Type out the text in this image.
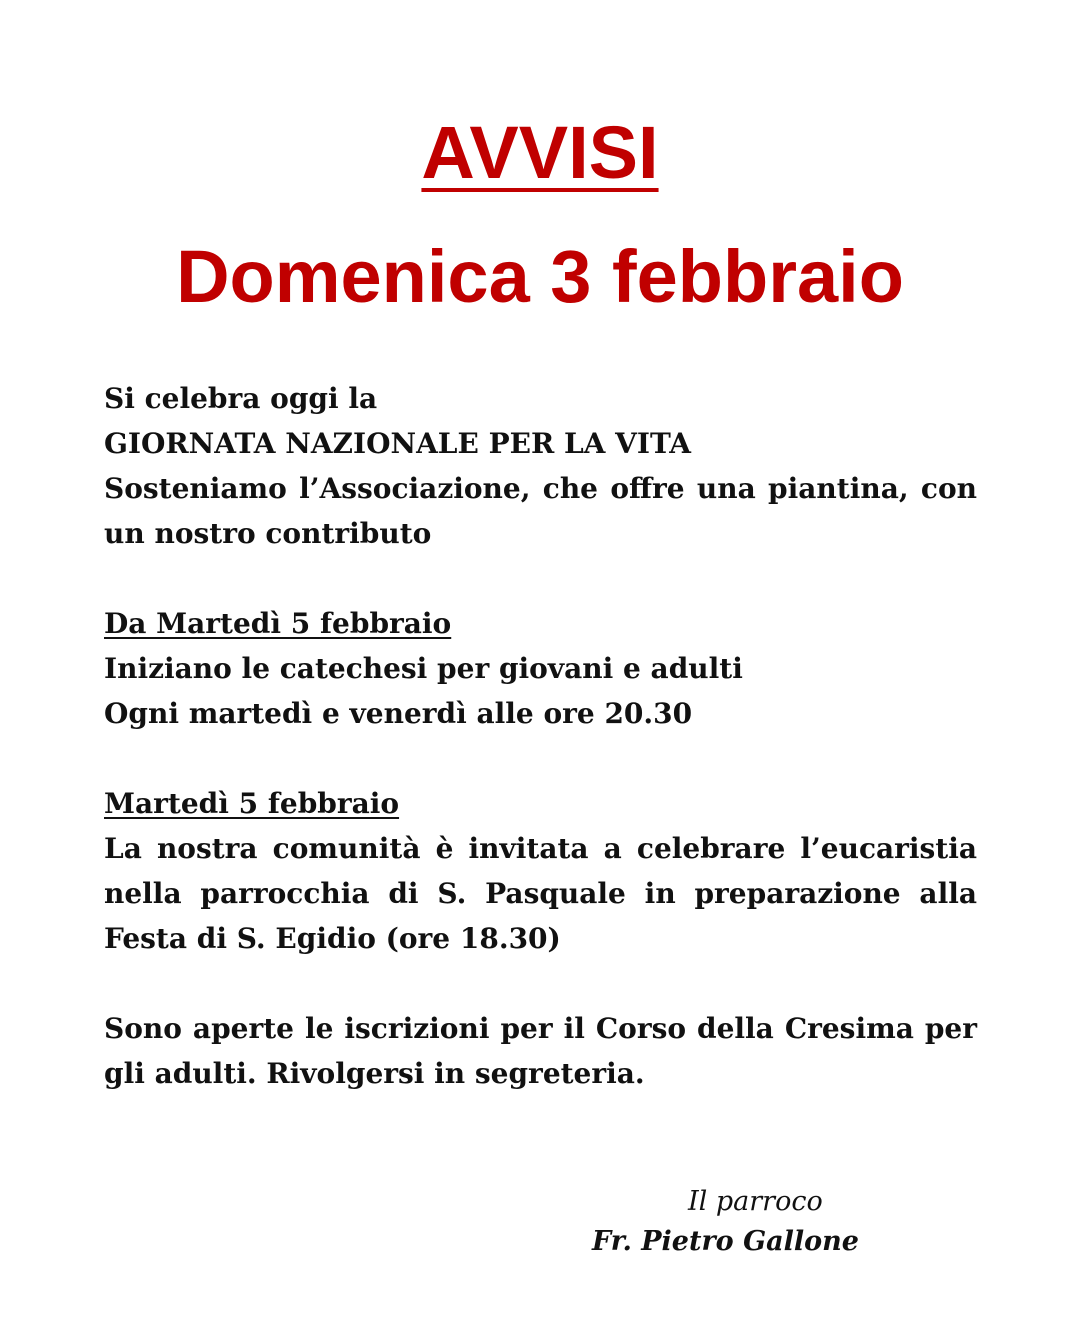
AVVISI
Domenica 3 febbraio
Si celebra oggi la
GIORNATA NAZIONALE PER LA VITA
Sosteniamo l’Associazione, che offre una piantina, con un nostro contributo
Da Martedì 5 febbraio
Iniziano le catechesi per giovani e adulti
Ogni martedì e venerdì alle ore 20.30
Martedì 5 febbraio
La nostra comunità è invitata a celebrare l’eucaristia nella parrocchia di S. Pasquale in preparazione alla Festa di S. Egidio (ore 18.30)
Sono aperte le iscrizioni per il Corso della Cresima per gli adulti. Rivolgersi in segreteria.
Il parroco
Fr. Pietro Gallone
